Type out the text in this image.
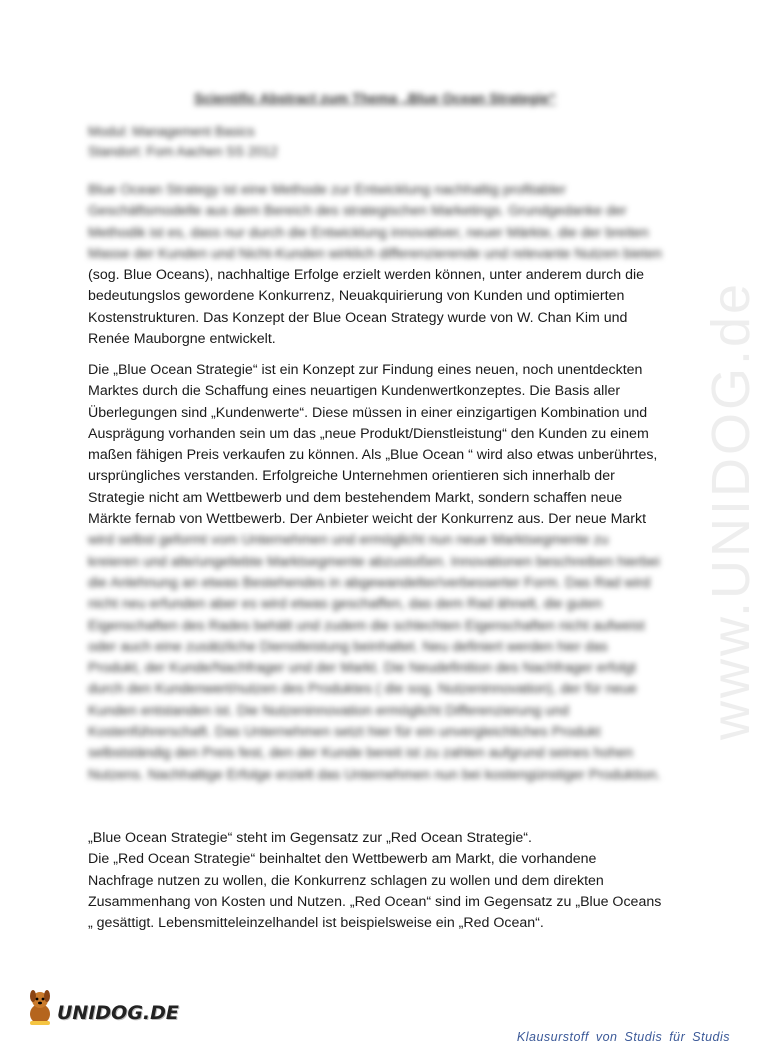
www.UNIDOG.de
Scientific Abstract zum Thema „Blue Ocean Strategie“
Modul: Management Basics
Standort: Fom Aachen SS 2012

Blue Ocean Strategy ist eine Methode zur Entwicklung nachhaltig profitabler Geschäftsmodelle aus dem Bereich des strategischen Marketings. Grundgedanke der Methodik ist es, dass nur durch die Entwicklung innovativer, neuer Märkte, die der breiten Masse der Kunden und Nicht-Kunden wirklich differenzierende und relevante Nutzen bieten (sog. Blue Oceans), nachhaltige Erfolge erzielt werden können, unter anderem durch die bedeutungslos gewordene Konkurrenz, Neuakquirierung von Kunden und optimierten Kostenstrukturen. Das Konzept der Blue Ocean Strategy wurde von W. Chan Kim und Renée Mauborgne entwickelt.

Die „Blue Ocean Strategie“ ist ein Konzept zur Findung eines neuen, noch unentdeckten Marktes durch die Schaffung eines neuartigen Kundenwertkonzeptes. Die Basis aller Überlegungen sind „Kundenwerte“. Diese müssen in einer einzigartigen Kombination und Ausprägung vorhanden sein um das „neue Produkt/Dienstleistung“ den Kunden zu einem maßen fähigen Preis verkaufen zu können. Als „Blue Ocean “ wird also etwas unberührtes, ursprüngliches verstanden. Erfolgreiche Unternehmen orientieren sich innerhalb der Strategie nicht am Wettbewerb und dem bestehendem Markt, sondern schaffen neue Märkte fernab von Wettbewerb. Der Anbieter weicht der Konkurrenz aus. Der neue Markt wird selbst geformt vom Unternehmen und ermöglicht nun neue Marktsegmente zu kreieren und alte/ungeliebte Marktsegmente abzustoßen. Innovationen beschreiben hierbei die Anlehnung an etwas Bestehendes in abgewandelter/verbesserter Form. Das Rad wird nicht neu erfunden aber es wird etwas geschaffen, das dem Rad ähnelt, die guten Eigenschaften des Rades behält und zudem die schlechten Eigenschaften nicht aufweist oder auch eine zusätzliche Dienstleistung beinhaltet. Neu definiert werden hier das Produkt, der Kunde/Nachfrager und der Markt. Die Neudefinition des Nachfrager erfolgt durch den Kundenwert/nutzen des Produktes ( die sog. Nutzeninnovation), der für neue Kunden entstanden ist. Die Nutzeninnovation ermöglicht Differenzierung und Kostenführerschaft. Das Unternehmen setzt hier für ein unvergleichliches Produkt selbstständig den Preis fest, den der Kunde bereit ist zu zahlen aufgrund seines hohen Nutzens. Nachhaltige Erfolge erzielt das Unternehmen nun bei kostengünstiger Produktion.

„Blue Ocean Strategie“ steht im Gegensatz zur „Red Ocean Strategie“.
Die „Red Ocean Strategie“ beinhaltet den Wettbewerb am Markt, die vorhandene Nachfrage nutzen zu wollen, die Konkurrenz schlagen zu wollen und dem direkten Zusammenhang von Kosten und Nutzen. „Red Ocean“ sind im Gegensatz zu „Blue Oceans „ gesättigt. Lebensmitteleinzelhandel ist beispielsweise ein „Red Ocean“.

UNIDOG.DE
Klausurstoff von Studis für Studis
